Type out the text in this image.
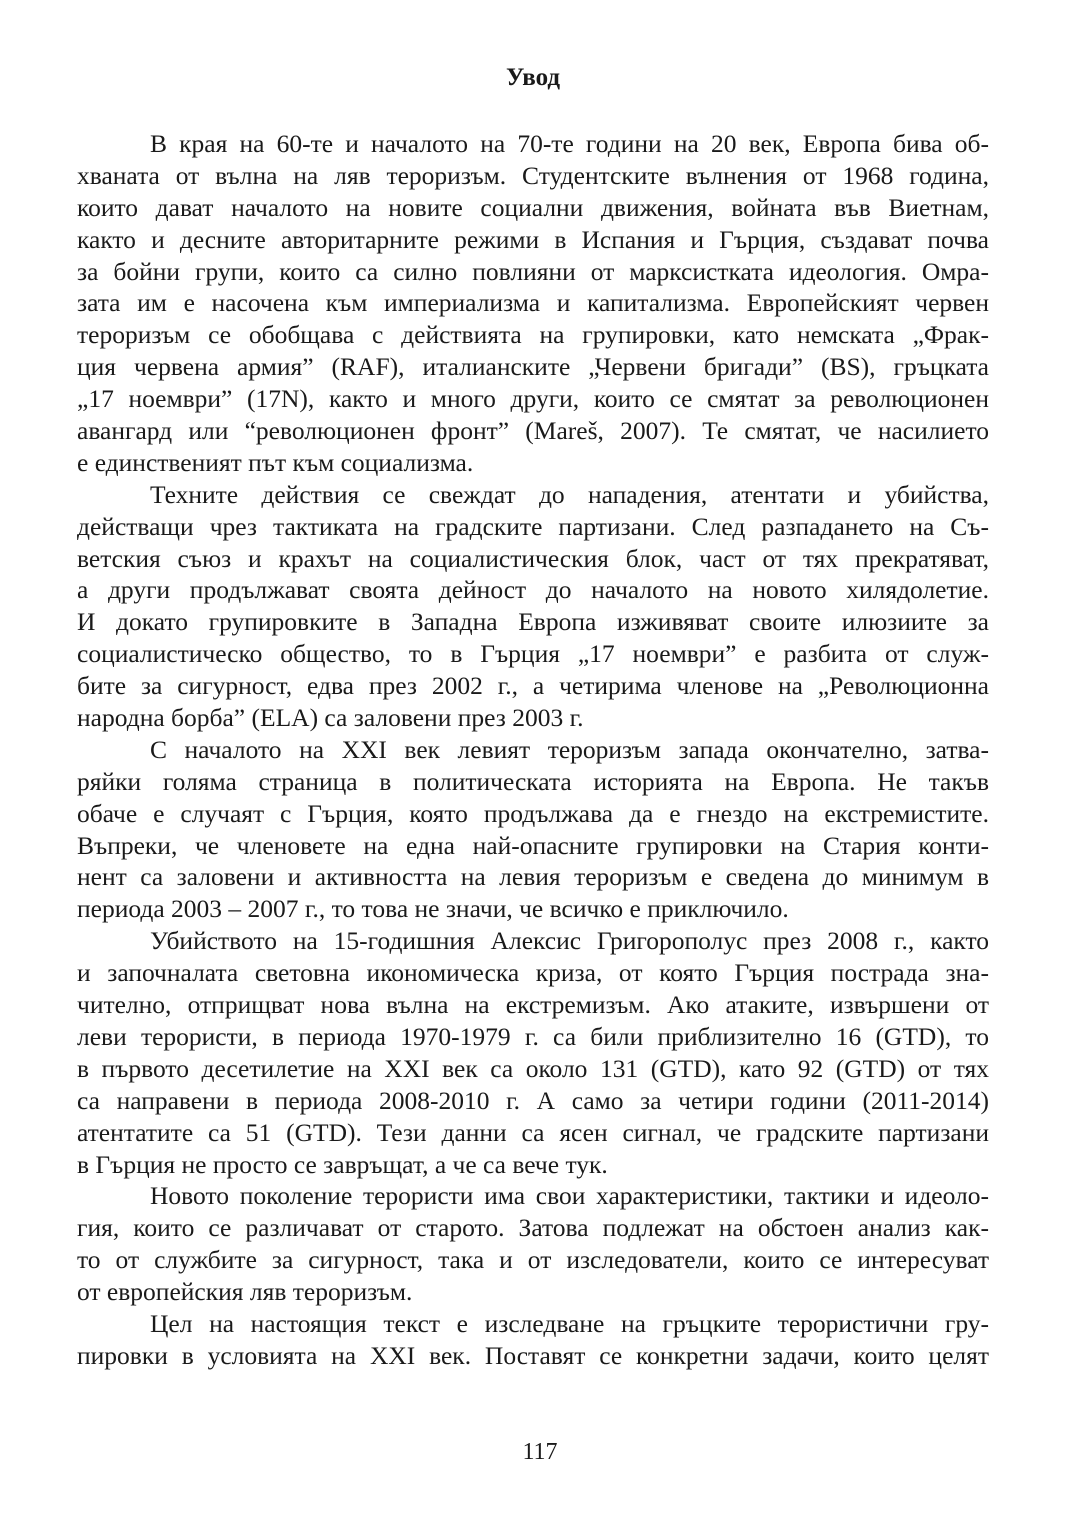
Увод
В края на 60-те и началото на 70-те години на 20 век, Европа бива об-
хваната от вълна на ляв тероризъм. Студентските вълнения от 1968 година,
които дават началото на новите социални движения, войната във Виетнам,
както и десните авторитарните режими в Испания и Гърция, създават почва
за бойни групи, които са силно повлияни от марксистката идеология. Омра-
зата им е насочена към империализма и капитализма. Европейският червен
тероризъм се обобщава с действията на групировки, като немската „Фрак-
ция червена армия” (RAF), италианските „Червени бригади” (BS), гръцката
„17 ноември” (17N), както и много други, които се смятат за революционен
авангард или “революционен фронт” (Mareš, 2007). Те смятат, че насилието
е единственият път към социализма.
Техните действия се свеждат до нападения, атентати и убийства,
действащи чрез тактиката на градските партизани. След разпадането на Съ-
ветския съюз и крахът на социалистическия блок, част от тях прекратяват,
а други продължават своята дейност до началото на новото хилядолетие.
И докато групировките в Западна Европа изживяват своите илюзиите за
социалистическо общество, то в Гърция „17 ноември” е разбита от служ-
бите за сигурност, едва през 2002 г., а четирима членове на „Революционна
народна борба” (ELA) са заловени през 2003 г.
С началото на XXI век левият тероризъм запада окончателно, затва-
ряйки голяма страница в политическата историята на Европа. Не такъв
обаче е случаят с Гърция, която продължава да е гнездо на екстремистите.
Въпреки, че членовете на една най-опасните групировки на Стария конти-
нент са заловени и активността на левия тероризъм е сведена до минимум в
периода 2003 – 2007 г., то това не значи, че всичко е приключило.
Убийството на 15-годишния Алексис Григорополус през 2008 г., както
и започналата световна икономическа криза, от която Гърция пострада зна-
чително, отприщват нова вълна на екстремизъм. Ако атаките, извършени от
леви терористи, в периода 1970-1979 г. са били приблизително 16 (GTD), то
в първото десетилетие на XXI век са около 131 (GTD), като 92 (GTD) от тях
са направени в периода 2008-2010 г. А само за четири години (2011-2014)
атентатите са 51 (GTD). Тези данни са ясен сигнал, че градските партизани
в Гърция не просто се завръщат, а че са вече тук.
Новото поколение терористи има свои характеристики, тактики и идеоло-
гия, които се различават от старото. Затова подлежат на обстоен анализ как-
то от службите за сигурност, така и от изследователи, които се интересуват
от европейския ляв тероризъм.
Цел на настоящия текст е изследване на гръцките терористични гру-
пировки в условията на XXI век. Поставят се конкретни задачи, които целят
117
